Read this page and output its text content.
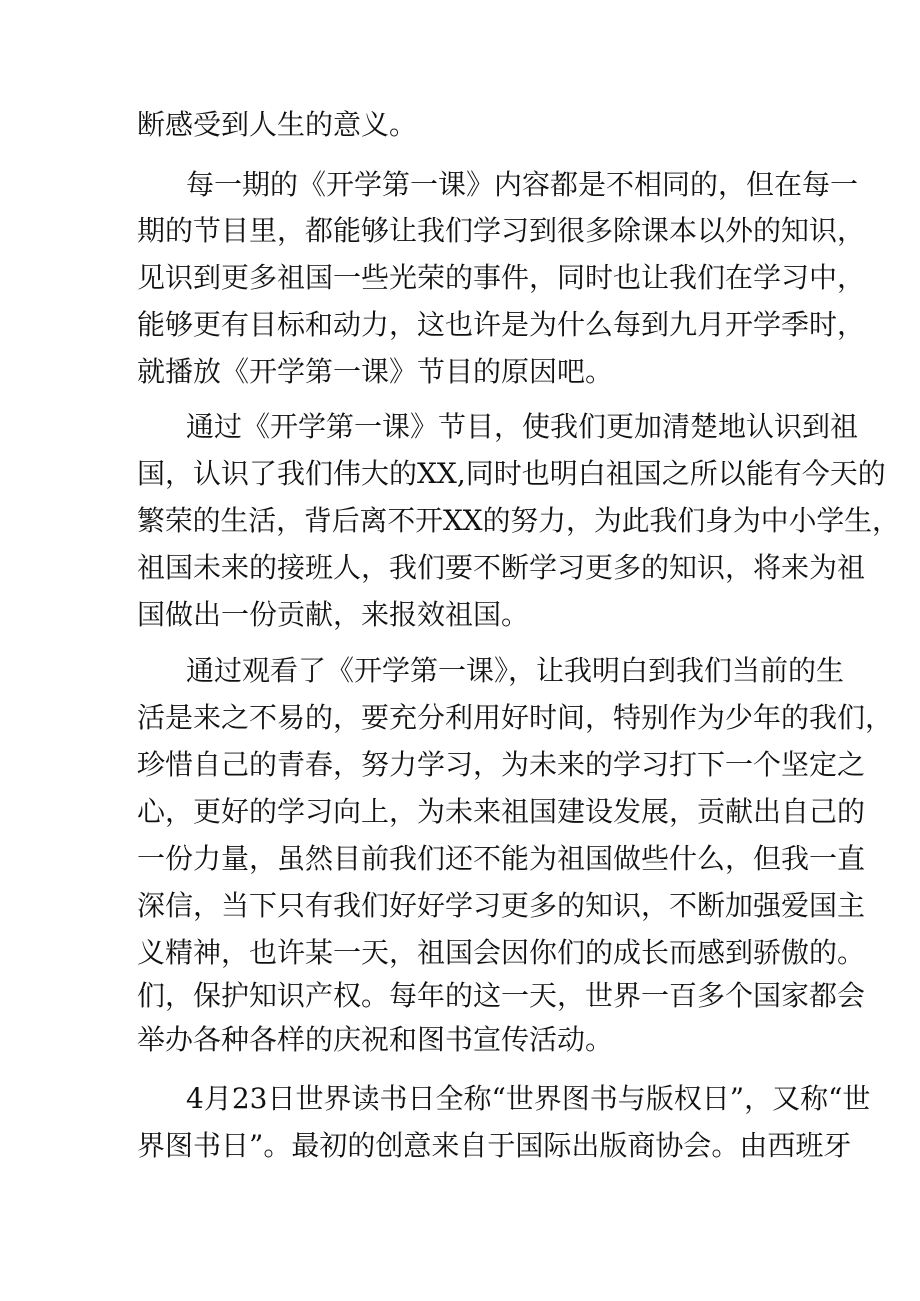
断感受到人生的意义。

每一期的《开学第一课》内容都是不相同的，但在每一

期的节目里，都能够让我们学习到很多除课本以外的知识，

见识到更多祖国一些光荣的事件，同时也让我们在学习中，

能够更有目标和动力，这也许是为什么每到九月开学季时，

就播放《开学第一课》节目的原因吧。

通过《开学第一课》节目，使我们更加清楚地认识到祖

国，认识了我们伟大的XX,同时也明白祖国之所以能有今天的

繁荣的生活，背后离不开XX的努力，为此我们身为中小学生，

祖国未来的接班人，我们要不断学习更多的知识，将来为祖

国做出一份贡献，来报效祖国。

通过观看了《开学第一课》，让我明白到我们当前的生

活是来之不易的，要充分利用好时间，特别作为少年的我们，

珍惜自己的青春，努力学习，为未来的学习打下一个坚定之

心，更好的学习向上，为未来祖国建设发展，贡献出自己的

一份力量，虽然目前我们还不能为祖国做些什么，但我一直

深信，当下只有我们好好学习更多的知识，不断加强爱国主

义精神，也许某一天，祖国会因你们的成长而感到骄傲的。

们，保护知识产权。每年的这一天，世界一百多个国家都会

举办各种各样的庆祝和图书宣传活动。

4月23日世界读书日全称“世界图书与版权日”，又称“世

界图书日”。最初的创意来自于国际出版商协会。由西班牙
